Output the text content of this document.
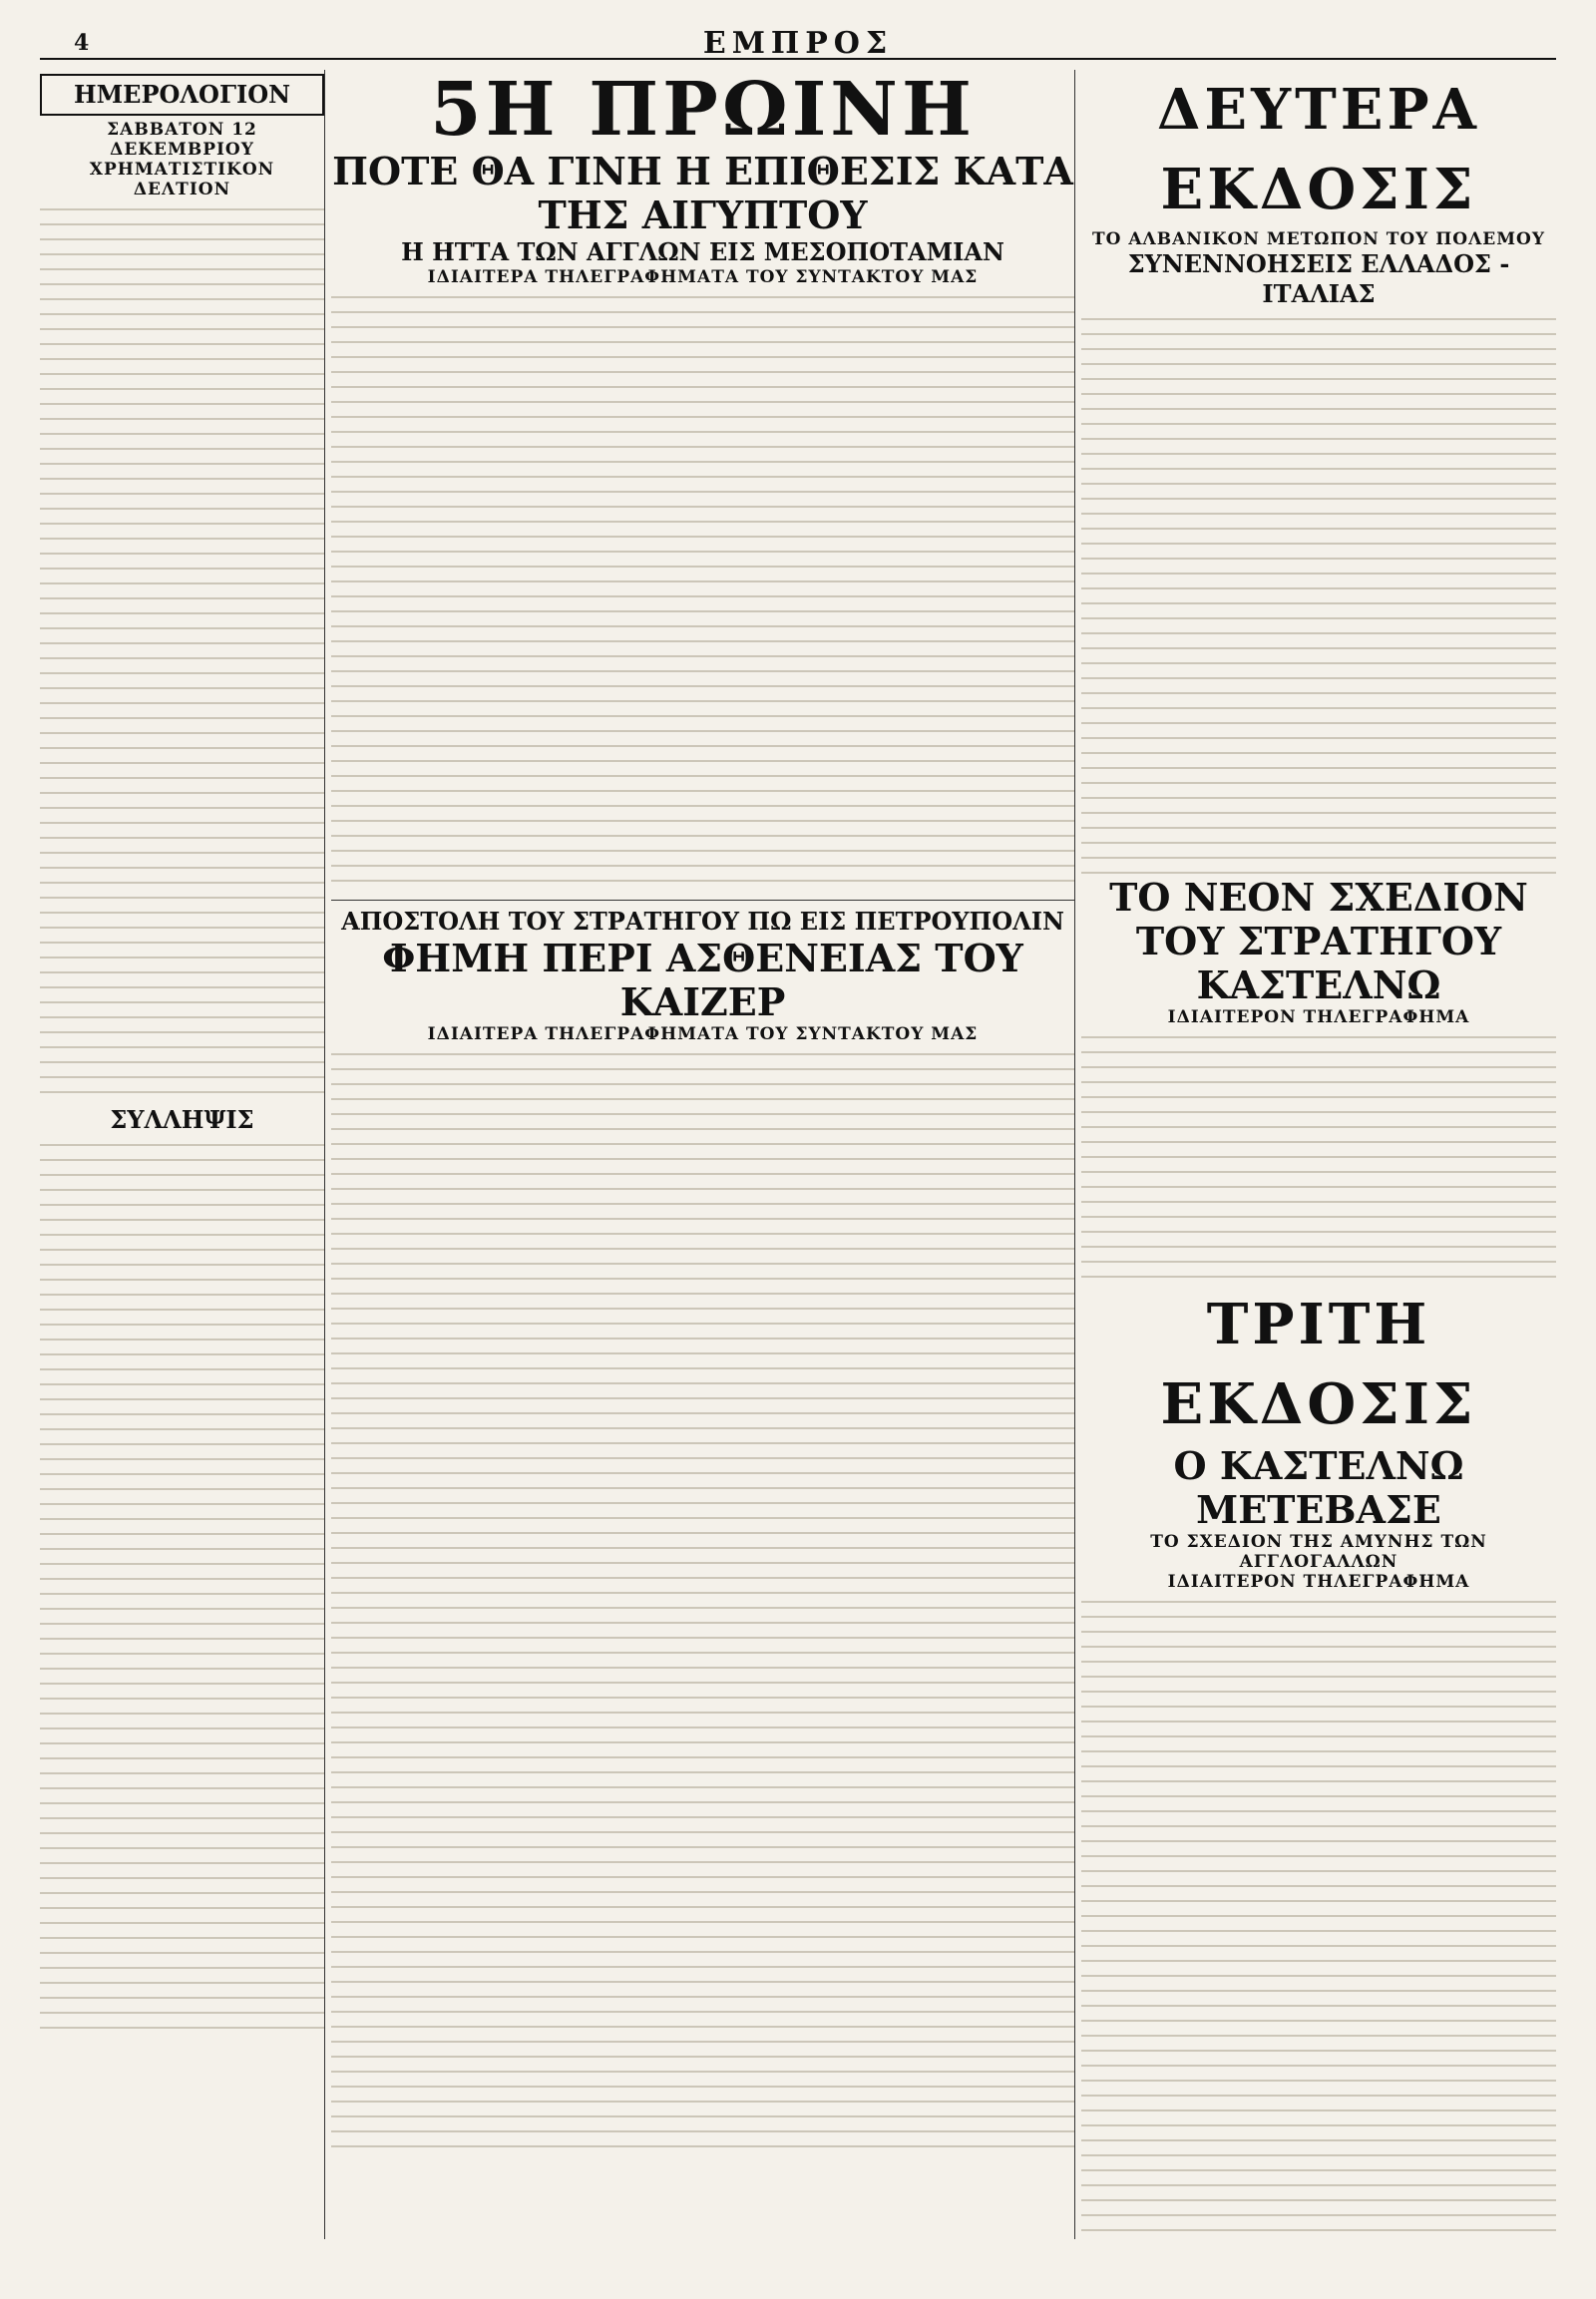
4	ΕΜΠΡΟΣ
ΗΜΕΡΟΛΟΓΙΟΝ
ΣΑΒΒΑΤΟΝ 12 ΔΕΚΕΜΒΡΙΟΥ
ΧΡΗΜΑΤΙΣΤΙΚΟΝ ΔΕΛΤΙΟΝ
ΣΥΛΛΗΨΙΣ
5Η ΠΡΩΙΝΗ
ΠΟΤΕ ΘΑ ΓΙΝΗ Η ΕΠΙΘΕΣΙΣ ΚΑΤΑ ΤΗΣ ΑΙΓΥΠΤΟΥ
Η ΗΤΤΑ ΤΩΝ ΑΓΓΛΩΝ ΕΙΣ ΜΕΣΟΠΟΤΑΜΙΑΝ
ΙΔΙΑΙΤΕΡΑ ΤΗΛΕΓΡΑΦΗΜΑΤΑ ΤΟΥ ΣΥΝΤΑΚΤΟΥ ΜΑΣ
ΑΠΟΣΤΟΛΗ ΤΟΥ ΣΤΡΑΤΗΓΟΥ ΠΩ ΕΙΣ ΠΕΤΡΟΥΠΟΛΙΝ
ΦΗΜΗ ΠΕΡΙ ΑΣΘΕΝΕΙΑΣ ΤΟΥ ΚΑΙΖΕΡ
ΙΔΙΑΙΤΕΡΑ ΤΗΛΕΓΡΑΦΗΜΑΤΑ ΤΟΥ ΣΥΝΤΑΚΤΟΥ ΜΑΣ
ΔΕΥΤΕΡΑ ΕΚΔΟΣΙΣ
ΤΟ ΑΛΒΑΝΙΚΟΝ ΜΕΤΩΠΟΝ ΤΟΥ ΠΟΛΕΜΟΥ
ΣΥΝΕΝΝΟΗΣΕΙΣ ΕΛΛΑΔΟΣ - ΙΤΑΛΙΑΣ
ΤΟ ΝΕΟΝ ΣΧΕΔΙΟΝ
ΤΟΥ ΣΤΡΑΤΗΓΟΥ ΚΑΣΤΕΛΝΩ
ΙΔΙΑΙΤΕΡΟΝ ΤΗΛΕΓΡΑΦΗΜΑ
ΤΡΙΤΗ ΕΚΔΟΣΙΣ
Ο ΚΑΣΤΕΛΝΩ ΜΕΤΕΒΑΣΕ
ΤΟ ΣΧΕΔΙΟΝ ΤΗΣ ΑΜΥΝΗΣ ΤΩΝ ΑΓΓΛΟΓΑΛΛΩΝ
ΙΔΙΑΙΤΕΡΟΝ ΤΗΛΕΓΡΑΦΗΜΑ
